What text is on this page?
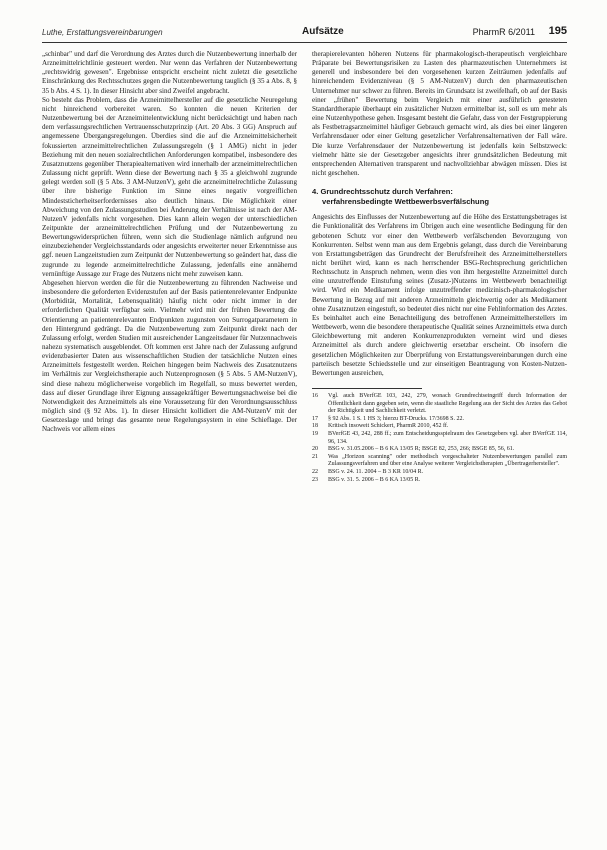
Luthe, Erstattungsvereinbarungen	Aufsätze	PharmR 6/2011 195

„schinbar" und darf die Verordnung des Arztes durch die Nutzenbewertung innerhalb der Arzneimittelrichtlinie gesteuert werden. Nur wenn das Verfahren der Nutzenbewertung „rechtswidrig gewesen". Ergebnisse entspricht erscheint nicht zuletzt die gesetzliche Einschränkung des Rechtsschutzes gegen die Nutzenbewertung tauglich (§ 35 a Abs. 8, § 35 b Abs. 4 S. 1). In dieser Hinsicht aber sind Zweifel angebracht.

So besteht das Problem, dass die Arzneimittelhersteller auf die gesetzliche Neuregelung nicht hinreichend vorbereitet waren. So konnten die neuen Kriterien der Nutzenbewertung bei der Arzneimittelentwicklung nicht berücksichtigt und haben nach dem verfassungsrechtlichen Vertrauensschutzprinzip (Art. 20 Abs. 3 GG) Anspruch auf angemessene Übergangsregelungen. Überdies sind die auf die Arzneimittelsicherheit fokussierten arzneimittelrechtlichen Zulassungsregeln (§ 1 AMG) nicht in jeder Beziehung mit den neuen sozialrechtlichen Anforderungen kompatibel, insbesondere des Zusatznutzens gegenüber Therapiealternativen wird innerhalb der arzneimittelrechtlichen Zulassung nicht geprüft. Wenn diese der Bewertung nach § 35 a gleichwohl zugrunde gelegt werden soll (§ 5 Abs. 3 AM-NutzenV), geht die arzneimittelrechtliche Zulassung über ihre bisherige Funktion im Sinne eines negativ vorgreiflichen Mindeststicherheitserfordernisses also deutlich hinaus. Die Möglichkeit einer Abweichung von den Zulassungsstudien bei Änderung der Verhältnisse ist nach der AM-NutzenV jedenfalls nicht vorgesehen. Dies kann allein wegen der unterschiedlichen Zeitpunkte der arzneimittelrechtlichen Prüfung und der Nutzenbewertung zu Bewertungswidersprüchen führen, wenn sich die Studienlage nämlich aufgrund neu einzubeziehender Vergleichsstandards oder angesichts erweiterter neuer Erkenntnisse aus ggf. neuen Langzeitstudien zum Zeitpunkt der Nutzenbewertung so geändert hat, dass die zugrunde zu legende arzneimittelrechtliche Zulassung, jedenfalls eine annähernd vernünftige Aussage zur Frage des Nutzens nicht mehr zuweisen kann.

Abgesehen hiervon werden die für die Nutzenbewertung zu führenden Nachweise und insbesondere die geforderten Evidenzstufen auf der Basis patientenrelevanter Endpunkte (Morbidität, Mortalität, Lebensqualität) häufig nicht oder nicht immer in der erforderlichen Qualität verfügbar sein. Vielmehr wird mit der frühen Bewertung die Orientierung an patientenrelevanten Endpunkten zugunsten von Surrogatparametern in den Hintergrund gedrängt. Da die Nutzenbewertung zum Zeitpunkt direkt nach der Zulassung erfolgt, werden Studien mit ausreichender Langzeitsdauer für Nutzennachweis nahezu systematisch ausgeblendet. Oft kommen erst Jahre nach der Zulassung aufgrund evidenzbasierter Daten aus wissenschaftlichen Studien der tatsächliche Nutzen eines Arzneimittels festgestellt werden. Reichen hingegen beim Nachweis des Zusatznutzens im Verhältnis zur Vergleichstherapie auch Nutzenprognosen (§ 5 Abs. 5 AM-NutzenV), sind diese nahezu möglicherweise vorgeblich im Regelfall, so muss bewertet werden, dass auf dieser Grundlage ihrer Eignung aussagekräftiger Bewertungsnachweise bei die Notwendigkeit des Arzneimittels als eine Voraussetzung für den Verordnungsausschluss möglich sind (§ 92 Abs. 1). In dieser Hinsicht kollidiert die AM-NutzenV mit der Gesetzeslage und bringt das gesamte neue Regelungssystem in eine Schieflage. Der Nachweis vor allem eines

therapierelevanten höheren Nutzens für pharmakologisch-therapeutisch vergleichbare Präparate bei Bewertungsrisiken zu Lasten des pharmazeutischen Unternehmers ist generell und insbesondere bei den vorgesehenen kurzen Zeiträumen jedenfalls auf hinreichendem Evidenzniveau (§ 5 AM-NutzenV) durch den pharmazeutischen Unternehmer nur schwer zu führen. Bereits im Grundsatz ist zweifelhaft, ob auf der Basis einer „frühen" Bewertung beim Vergleich mit einer ausführlich getesteten Standardtherapie überhaupt ein zusätzlicher Nutzen ermittelbar ist, soll es um mehr als eine Nutzenhypothese gehen. Insgesamt besteht die Gefahr, dass von der Festgruppierung als Festbetragsarzneimittel häufiger Gebrauch gemacht wird, als dies bei einer längeren Verfahrensdauer oder einer Geltung gesetzlicher Verfahrensalternativen der Fall wäre. Die kurze Verfahrensdauer der Nutzenbewertung ist jedenfalls kein Selbstzweck: vielmehr hätte sie der Gesetzgeber angesichts ihrer grundsätzlichen Bedeutung mit entsprechenden Alternativen transparent und nachvollziehbar abwägen müssen. Dies ist nicht geschehen.

4. Grundrechtsschutz durch Verfahren:
verfahrensbedingte Wettbewerbsverfälschung

Angesichts des Einflusses der Nutzenbewertung auf die Höhe des Erstattungsbetrages ist die Funktionalität des Verfahrens im Übrigen auch eine wesentliche Bedingung für den gebotenen Schutz vor einer den Wettbewerb verfälschenden Bevorzugung von Konkurrenten. Selbst wenn man aus dem Ergebnis gelangt, dass durch die Vereinbarung von Erstattungsbeträgen das Grundrecht der Berufsfreiheit des Arzneimittelherstellers nicht berührt wird, kann es nach herrschender BSG-Rechtsprechung gerichtlichen Rechtsschutz in Anspruch nehmen, wenn dies von ihm hergestellte Arzneimittel durch eine unzutreffende Einstufung seines (Zusatz-)Nutzens im Wettbewerb benachteiligt wird. Wird ein Medikament infolge unzutreffender medizinisch-pharmakologischer Bewertung in Bezug auf mit anderen Arzneimitteln gleichwertig oder als Medikament ohne Zusatznutzen eingestuft, so bedeutet dies nicht nur eine Fehlinformation des Arztes. Es beinhaltet auch eine Benachteiligung des betroffenen Arzneimittelherstellers im Wettbewerb, wenn die besondere therapeutische Qualität seines Arzneimittels etwa durch Gleichbewertung mit anderen Konkurrenzprodukten verneint wird und dieses Arzneimittel als durch andere gleichwertig ersetzbar erscheint. Ob insofern die gesetzlichen Möglichkeiten zur Überprüfung von Erstattungsvereinbarungen durch eine parteiisch besetzte Schiedsstelle und zur einseitigen Beantragung von Kosten-Nutzen-Bewertungen ausreichen,

16	Vgl. auch BVerfGE 103, 242, 279, wonach Grundrechtseingriff durch Information der Öffentlichkeit dann gegeben sein, wenn die staatliche Regelung aus der Sicht des Arztes das Gebot der Richtigkeit und Sachlichkeit verletzt.
17	§ 92 Abs. 1 S. 1 HS 3; hierzu BT-Drucks. 17/3698 S. 22.
18	Kritisch insoweit Schickert, PharmR 2010, 452 ff.
19	BVerfGE 43, 242, 288 ff.; zum Entscheidungsspielraum des Gesetzgebers vgl. aber BVerfGE 114, 96, 134.
20	BSG v. 31.05.2006 – B 6 KA 13/05 R; BSGE 82, 253, 266; BSGE 85, 56, 61.
21	Was „Horizon scanning" oder methodisch vorgeschalteter Nutzenbewertungen parallel zum Zulassungsverfahren und über eine Analyse weiterer Vergleichstherapien „Übertragerhersteller".
22	BSG v. 24. 11. 2004 – B 3 KR 10/04 R.
23	BSG v. 31. 5. 2006 – B 6 KA 13/05 R.
